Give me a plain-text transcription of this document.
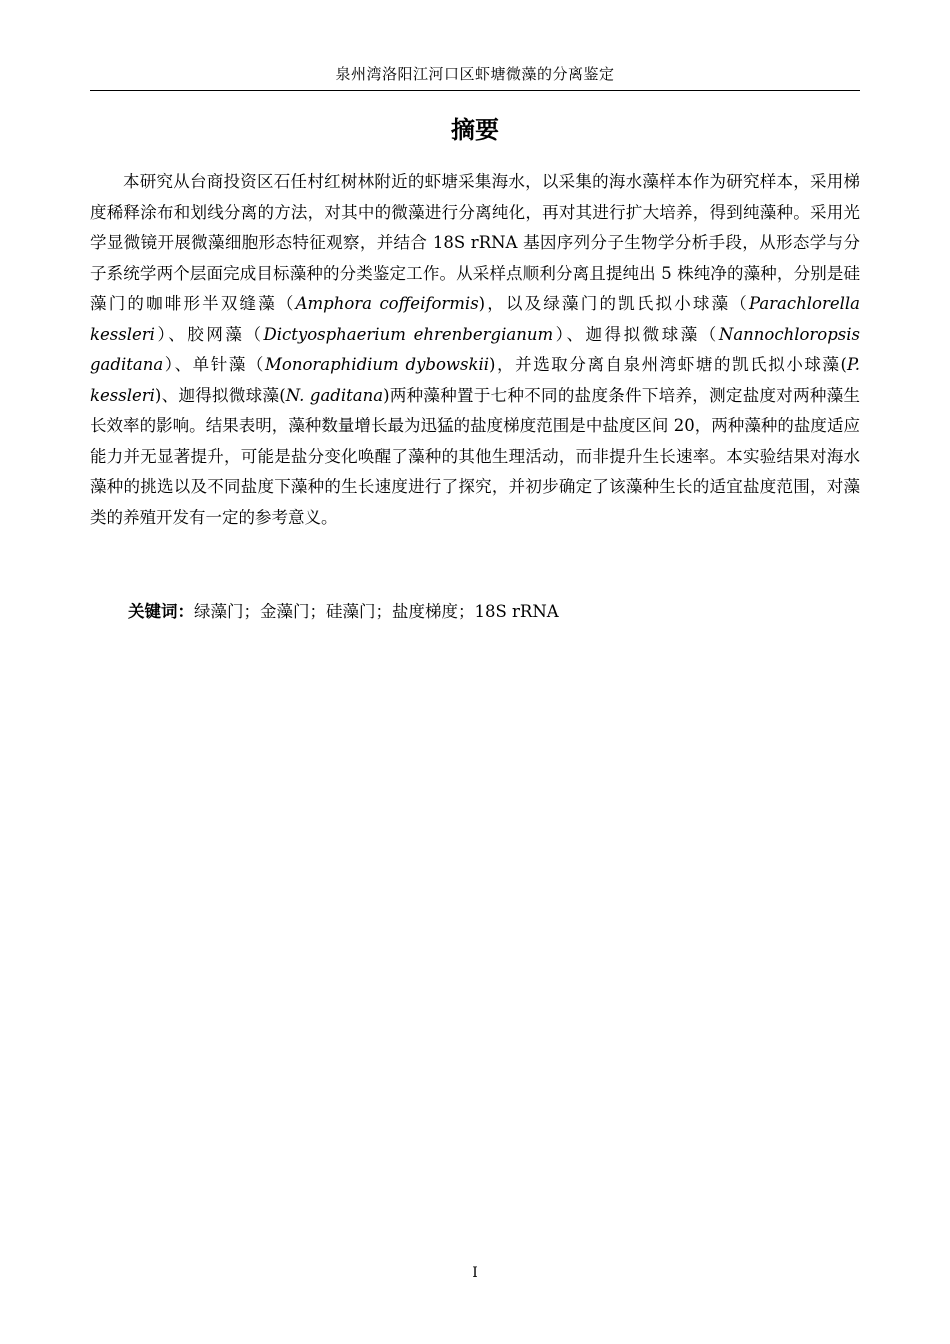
泉州湾洛阳江河口区虾塘微藻的分离鉴定
摘要
本研究从台商投资区石任村红树林附近的虾塘采集海水，以采集的海水藻样本作为研究样本，采用梯度稀释涂布和划线分离的方法，对其中的微藻进行分离纯化，再对其进行扩大培养，得到纯藻种。采用光学显微镜开展微藻细胞形态特征观察，并结合 18S rRNA 基因序列分子生物学分析手段，从形态学与分子系统学两个层面完成目标藻种的分类鉴定工作。从采样点顺利分离且提纯出 5 株纯净的藻种，分别是硅藻门的咖啡形半双缝藻（Amphora coffeiformis)，以及绿藻门的凯氏拟小球藻（Parachlorella kessleri）、胶网藻（Dictyosphaerium ehrenbergianum）、迦得拟微球藻（Nannochloropsis gaditana）、单针藻（Monoraphidium dybowskii)，并选取分离自泉州湾虾塘的凯氏拟小球藻(P. kessleri)、迦得拟微球藻(N. gaditana)两种藻种置于七种不同的盐度条件下培养，测定盐度对两种藻生长效率的影响。结果表明，藻种数量增长最为迅猛的盐度梯度范围是中盐度区间 20，两种藻种的盐度适应能力并无显著提升，可能是盐分变化唤醒了藻种的其他生理活动，而非提升生长速率。本实验结果对海水藻种的挑选以及不同盐度下藻种的生长速度进行了探究，并初步确定了该藻种生长的适宜盐度范围，对藻类的养殖开发有一定的参考意义。
关键词：绿藻门；金藻门；硅藻门；盐度梯度；18S rRNA
I
